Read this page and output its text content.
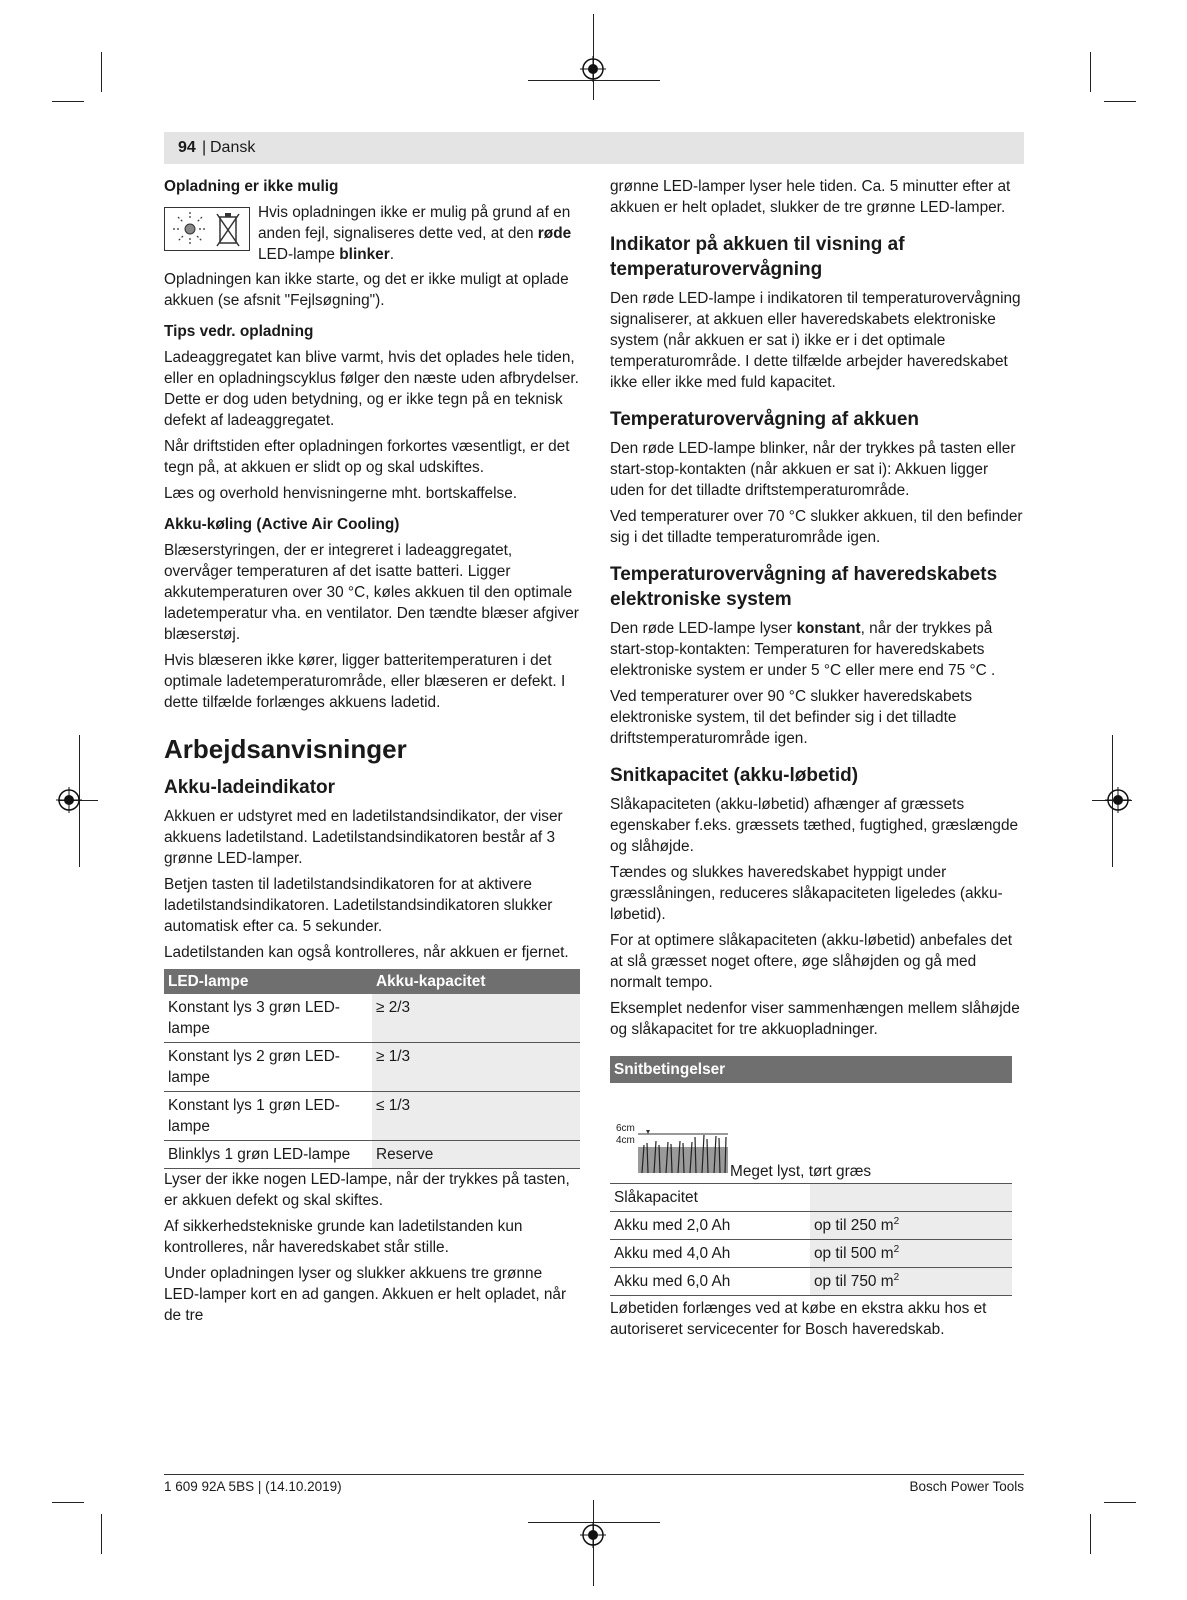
94 | Dansk
Opladning er ikke mulig
Hvis opladningen ikke er mulig på grund af en anden fejl, signaliseres dette ved, at den røde LED-lampe blinker.

Opladningen kan ikke starte, og det er ikke muligt at oplade akkuen (se afsnit "Fejlsøgning").

Tips vedr. opladning

Ladeaggregatet kan blive varmt, hvis det oplades hele tiden, eller en opladningscyklus følger den næste uden afbrydelser. Dette er dog uden betydning, og er ikke tegn på en teknisk defekt af ladeaggregatet.

Når driftstiden efter opladningen forkortes væsentligt, er det tegn på, at akkuen er slidt op og skal udskiftes.

Læs og overhold henvisningerne mht. bortskaffelse.

Akku-køling (Active Air Cooling)

Blæserstyringen, der er integreret i ladeaggregatet, overvåger temperaturen af det isatte batteri. Ligger akkutemperaturen over 30 °C, køles akkuen til den optimale ladetemperatur vha. en ventilator. Den tændte blæser afgiver blæserstøj.

Hvis blæseren ikke kører, ligger batteritemperaturen i det optimale ladetemperaturområde, eller blæseren er defekt. I dette tilfælde forlænges akkuens ladetid.

Arbejdsanvisninger
Akku-ladeindikator

Akkuen er udstyret med en ladetilstandsindikator, der viser akkuens ladetilstand. Ladetilstandsindikatoren består af 3 grønne LED-lamper.

Betjen tasten til ladetilstandsindikatoren for at aktivere ladetilstandsindikatoren. Ladetilstandsindikatoren slukker automatisk efter ca. 5 sekunder.

Ladetilstanden kan også kontrolleres, når akkuen er fjernet.

LED-lampe	Akku-kapacitet
Konstant lys 3 grøn LED-lampe	≥ 2/3
Konstant lys 2 grøn LED-lampe	≥ 1/3
Konstant lys 1 grøn LED-lampe	≤ 1/3
Blinklys 1 grøn LED-lampe	Reserve

Lyser der ikke nogen LED-lampe, når der trykkes på tasten, er akkuen defekt og skal skiftes.

Af sikkerhedstekniske grunde kan ladetilstanden kun kontrolleres, når haveredskabet står stille.

Under opladningen lyser og slukker akkuens tre grønne LED-lamper kort en ad gangen. Akkuen er helt opladet, når de tre

grønne LED-lamper lyser hele tiden. Ca. 5 minutter efter at akkuen er helt opladet, slukker de tre grønne LED-lamper.

Indikator på akkuen til visning af temperaturovervågning

Den røde LED-lampe i indikatoren til temperaturovervågning signaliserer, at akkuen eller haveredskabets elektroniske system (når akkuen er sat i) ikke er i det optimale temperaturområde. I dette tilfælde arbejder haveredskabet ikke eller ikke med fuld kapacitet.

Temperaturovervågning af akkuen

Den røde LED-lampe blinker, når der trykkes på tasten eller start-stop-kontakten (når akkuen er sat i): Akkuen ligger uden for det tilladte driftstemperaturområde.

Ved temperaturer over 70 °C slukker akkuen, til den befinder sig i det tilladte temperaturområde igen.

Temperaturovervågning af haveredskabets elektroniske system

Den røde LED-lampe lyser konstant, når der trykkes på start-stop-kontakten: Temperaturen for haveredskabets elektroniske system er under 5 °C eller mere end 75 °C .

Ved temperaturer over 90 °C slukker haveredskabets elektroniske system, til det befinder sig i det tilladte driftstemperaturområde igen.

Snitkapacitet (akku-løbetid)

Slåkapaciteten (akku-løbetid) afhænger af græssets egenskaber f.eks. græssets tæthed, fugtighed, græslængde og slåhøjde.

Tændes og slukkes haveredskabet hyppigt under græsslåningen, reduceres slåkapaciteten ligeledes (akku-løbetid).

For at optimere slåkapaciteten (akku-løbetid) anbefales det at slå græsset noget oftere, øge slåhøjden og gå med normalt tempo.

Eksemplet nedenfor viser sammenhængen mellem slåhøjde og slåkapacitet for tre akkuopladninger.

Snitbetingelser
6cm
4cm
Meget lyst, tørt græs
Slåkapacitet	
Akku med 2,0 Ah	op til 250 $m^2$
Akku med 4,0 Ah	op til 500 $m^2$
Akku med 6,0 Ah	op til 750 $m^2$

Løbetiden forlænges ved at købe en ekstra akku hos et autoriseret servicecenter for Bosch haveredskab.

1 609 92A 5BS | (14.10.2019)	Bosch Power Tools
